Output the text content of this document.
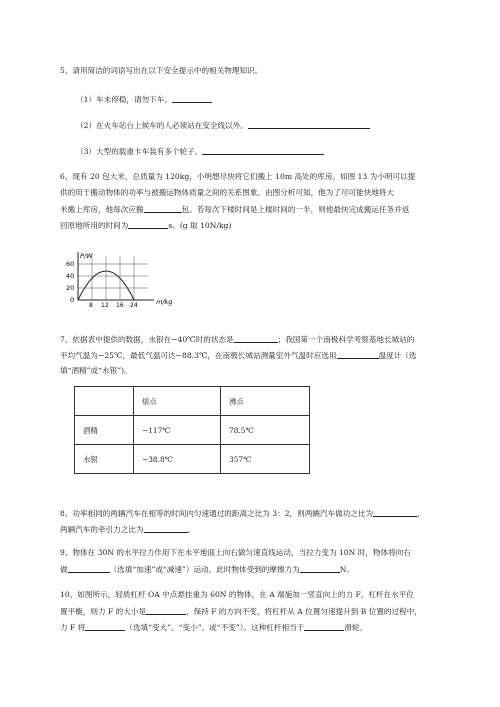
5、请用简洁的词语写出在以下安全提示中的相关物理知识。
（1）车未停稳，请勿下车。
（2）在火车站台上候车的人必须站在安全线以外。
（3）大型的载重卡车装有多个轮子。
6、现有 20 包大米，总质量为 120kg，小明想尽快将它们搬上 10m 高处的库房。如图 13 为小明可以提
供的用于搬动物体的功率与被搬运物体质量之间的关系图象。由图分析可知，他为了尽可能快地将大
米搬上库房，他每次应搬	包。若每次下楼时间是上楼时间的一半，则他最快完成搬运任务并返
回原地所用的时间为	s。(g 取 10N/kg)
P/W
60
40
20
0
8 12 16 24	m/kg
7、依据表中提供的数据，水银在−40℃时的状态是	；我国第一个南极科学考察基地长城站的
平均气温为−25℃，最低气温可达−88.3℃，在南极长城站测量室外气温时应选用	温度计（选
填“酒精”或“水银”)。
	熔点	沸点
酒精	−117℃	78.5℃
水银	−38.8℃	357℃
8、功率相同的两辆汽车在相等的时间内匀速通过的距离之比为 3：2，则两辆汽车做功之比为	，
两辆汽车的牵引力之比为	。
9、物体在 30N 的水平拉力作用下在水平地面上向右做匀速直线运动，当拉力变为 10N 时，物体将向右
做	（选填“加速”或“减速”）运动，此时物体受到的摩擦力为	N。
10、如图所示，轻质杠杆 OA 中点悬挂重为 60N 的物体，在 A 端施加一竖直向上的力 F，杠杆在水平位
置平衡，则力 F 的大小是	，保持 F 的方向不变，将杠杆从 A 位置匀速提升到 B 位置的过程中，
力 F 将	（选填“变大”、“变小”、或“不变”）。这种杠杆相当于	滑轮。
